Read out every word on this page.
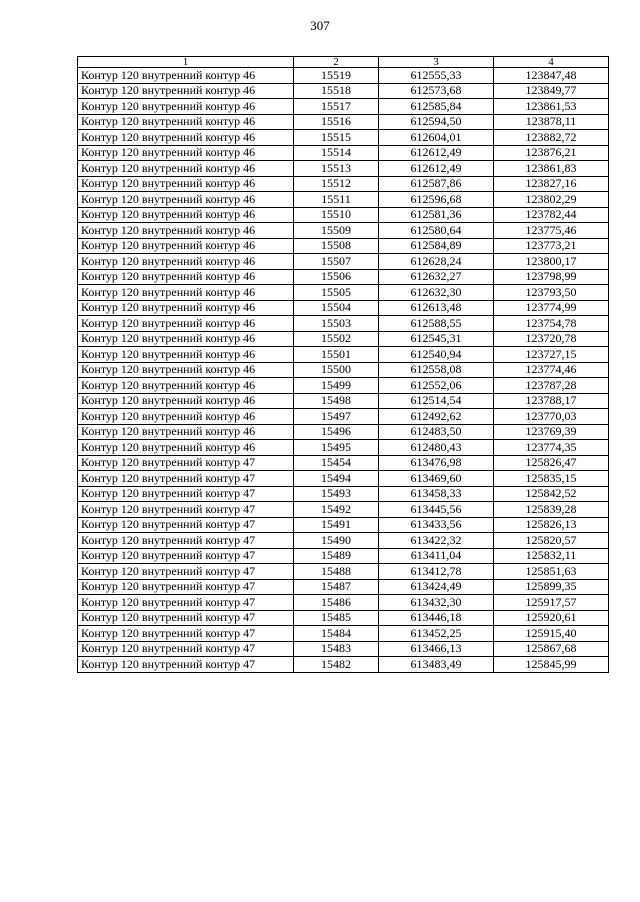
307
1	2	3	4
Контур 120 внутренний контур 46	15519	612555,33	123847,48
Контур 120 внутренний контур 46	15518	612573,68	123849,77
Контур 120 внутренний контур 46	15517	612585,84	123861,53
Контур 120 внутренний контур 46	15516	612594,50	123878,11
Контур 120 внутренний контур 46	15515	612604,01	123882,72
Контур 120 внутренний контур 46	15514	612612,49	123876,21
Контур 120 внутренний контур 46	15513	612612,49	123861,83
Контур 120 внутренний контур 46	15512	612587,86	123827,16
Контур 120 внутренний контур 46	15511	612596,68	123802,29
Контур 120 внутренний контур 46	15510	612581,36	123782,44
Контур 120 внутренний контур 46	15509	612580,64	123775,46
Контур 120 внутренний контур 46	15508	612584,89	123773,21
Контур 120 внутренний контур 46	15507	612628,24	123800,17
Контур 120 внутренний контур 46	15506	612632,27	123798,99
Контур 120 внутренний контур 46	15505	612632,30	123793,50
Контур 120 внутренний контур 46	15504	612613,48	123774,99
Контур 120 внутренний контур 46	15503	612588,55	123754,78
Контур 120 внутренний контур 46	15502	612545,31	123720,78
Контур 120 внутренний контур 46	15501	612540,94	123727,15
Контур 120 внутренний контур 46	15500	612558,08	123774,46
Контур 120 внутренний контур 46	15499	612552,06	123787,28
Контур 120 внутренний контур 46	15498	612514,54	123788,17
Контур 120 внутренний контур 46	15497	612492,62	123770,03
Контур 120 внутренний контур 46	15496	612483,50	123769,39
Контур 120 внутренний контур 46	15495	612480,43	123774,35
Контур 120 внутренний контур 47	15454	613476,98	125826,47
Контур 120 внутренний контур 47	15494	613469,60	125835,15
Контур 120 внутренний контур 47	15493	613458,33	125842,52
Контур 120 внутренний контур 47	15492	613445,56	125839,28
Контур 120 внутренний контур 47	15491	613433,56	125826,13
Контур 120 внутренний контур 47	15490	613422,32	125820,57
Контур 120 внутренний контур 47	15489	613411,04	125832,11
Контур 120 внутренний контур 47	15488	613412,78	125851,63
Контур 120 внутренний контур 47	15487	613424,49	125899,35
Контур 120 внутренний контур 47	15486	613432,30	125917,57
Контур 120 внутренний контур 47	15485	613446,18	125920,61
Контур 120 внутренний контур 47	15484	613452,25	125915,40
Контур 120 внутренний контур 47	15483	613466,13	125867,68
Контур 120 внутренний контур 47	15482	613483,49	125845,99
